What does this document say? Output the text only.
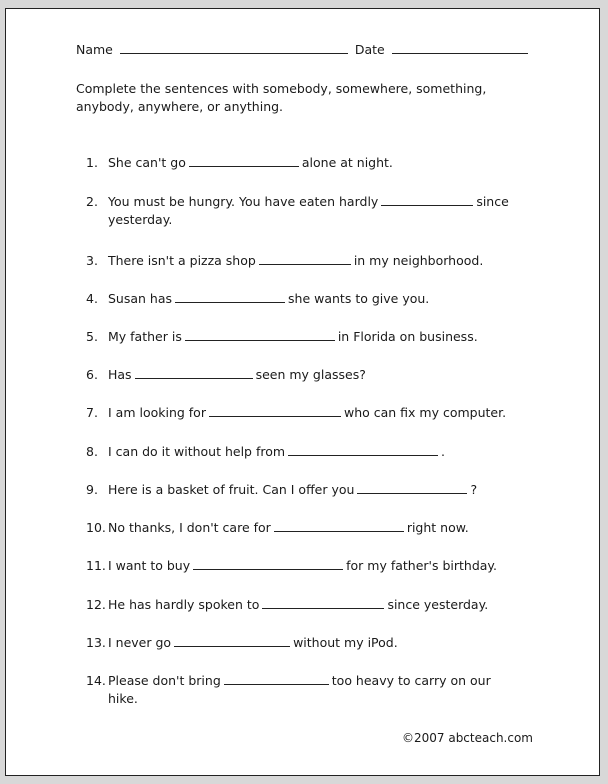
Name	Date
Complete the sentences with somebody, somewhere, something,
anybody, anywhere, or anything.
1. She can't go	alone at night.
2. You must be hungry. You have eaten hardly	since
yesterday.
3. There isn't a pizza shop	in my neighborhood.
4. Susan has	she wants to give you.
5. My father is	in Florida on business.
6. Has	seen my glasses?
7. I am looking for	who can fix my computer.
8. I can do it without help from	.
9. Here is a basket of fruit. Can I offer you	?
10. No thanks, I don't care for	right now.
11. I want to buy	for my father's birthday.
12. He has hardly spoken to	since yesterday.
13. I never go	without my iPod.
14. Please don't bring	too heavy to carry on our
hike.
©2007 abcteach.com
